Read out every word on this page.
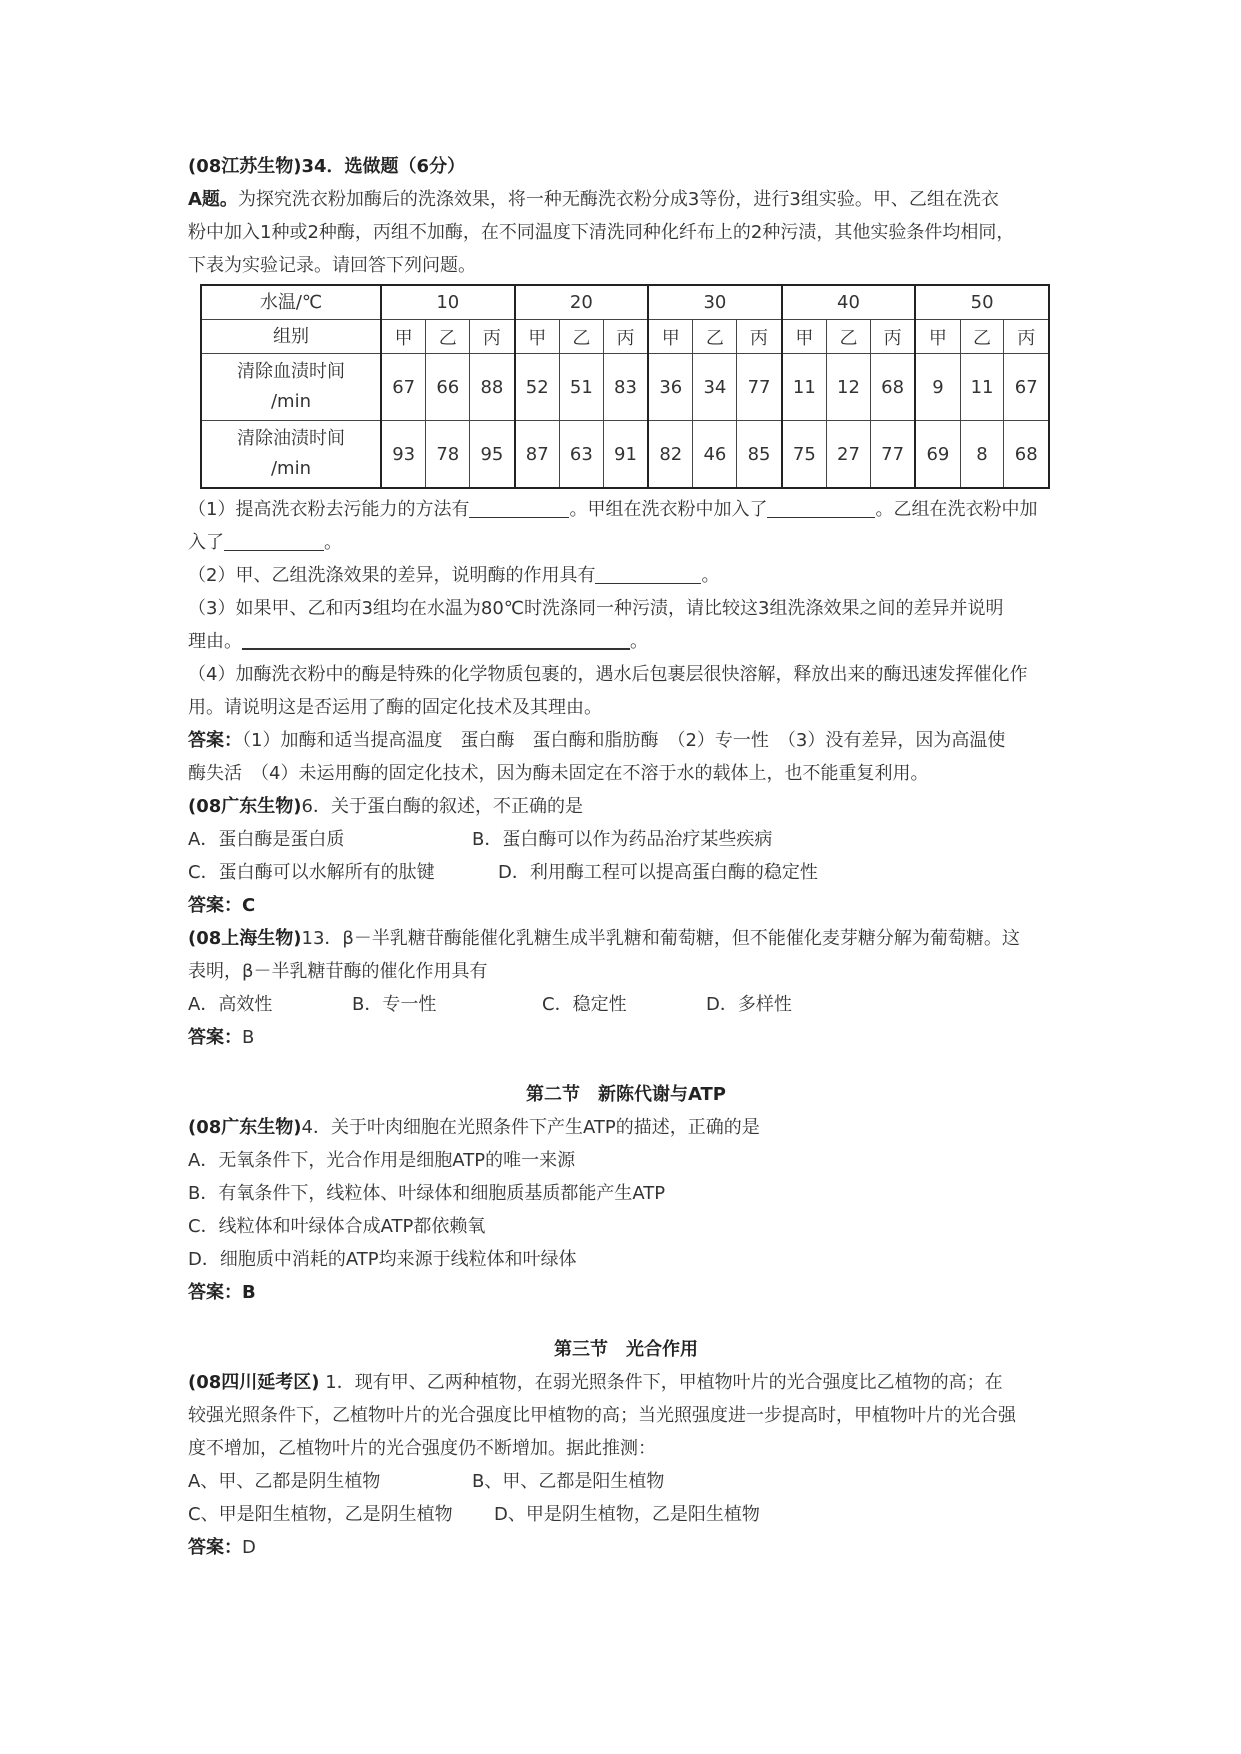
(08江苏生物)34．选做题（6分）
A题。为探究洗衣粉加酶后的洗涤效果，将一种无酶洗衣粉分成3等份，进行3组实验。甲、乙组在洗衣
粉中加入1种或2种酶，丙组不加酶，在不同温度下清洗同种化纤布上的2种污渍，其他实验条件均相同，
下表为实验记录。请回答下列问题。
水温/℃	10			20			30			40			50		
组别	甲	乙	丙	甲	乙	丙	甲	乙	丙	甲	乙	丙	甲	乙	丙
清除血渍时间
/min	67	66	88	52	51	83	36	34	77	11	12	68	9	11	67
清除油渍时间
/min	93	78	95	87	63	91	82	46	85	75	27	77	69	8	68
（1）提高洗衣粉去污能力的方法有	。甲组在洗衣粉中加入了	。乙组在洗衣粉中加
入了	。
（2）甲、乙组洗涤效果的差异，说明酶的作用具有	。
（3）如果甲、乙和丙3组均在水温为80℃时洗涤同一种污渍，请比较这3组洗涤效果之间的差异并说明
理由。	。
（4）加酶洗衣粉中的酶是特殊的化学物质包裹的，遇水后包裹层很快溶解，释放出来的酶迅速发挥催化作
用。请说明这是否运用了酶的固定化技术及其理由。
答案：（1）加酶和适当提高温度　蛋白酶　蛋白酶和脂肪酶　（2）专一性　（3）没有差异，因为高温使
酶失活　（4）未运用酶的固定化技术，因为酶未固定在不溶于水的载体上，也不能重复利用。
(08广东生物)6．关于蛋白酶的叙述，不正确的是
A．蛋白酶是蛋白质	B．蛋白酶可以作为药品治疗某些疾病
C．蛋白酶可以水解所有的肽键	D．利用酶工程可以提高蛋白酶的稳定性
答案：C
(08上海生物)13．β－半乳糖苷酶能催化乳糖生成半乳糖和葡萄糖，但不能催化麦芽糖分解为葡萄糖。这
表明，β－半乳糖苷酶的催化作用具有
A．高效性	B．专一性	C．稳定性	D．多样性
答案：B
第二节　新陈代谢与ATP
(08广东生物)4．关于叶肉细胞在光照条件下产生ATP的描述，正确的是
A．无氧条件下，光合作用是细胞ATP的唯一来源
B．有氧条件下，线粒体、叶绿体和细胞质基质都能产生ATP
C．线粒体和叶绿体合成ATP都依赖氧
D．细胞质中消耗的ATP均来源于线粒体和叶绿体
答案：B
第三节　光合作用
(08四川延考区) 1．现有甲、乙两种植物，在弱光照条件下，甲植物叶片的光合强度比乙植物的高；在
较强光照条件下，乙植物叶片的光合强度比甲植物的高；当光照强度进一步提高时，甲植物叶片的光合强
度不增加，乙植物叶片的光合强度仍不断增加。据此推测：
A、甲、乙都是阴生植物	B、甲、乙都是阳生植物
C、甲是阳生植物，乙是阴生植物 D、甲是阴生植物，乙是阳生植物
答案：D
